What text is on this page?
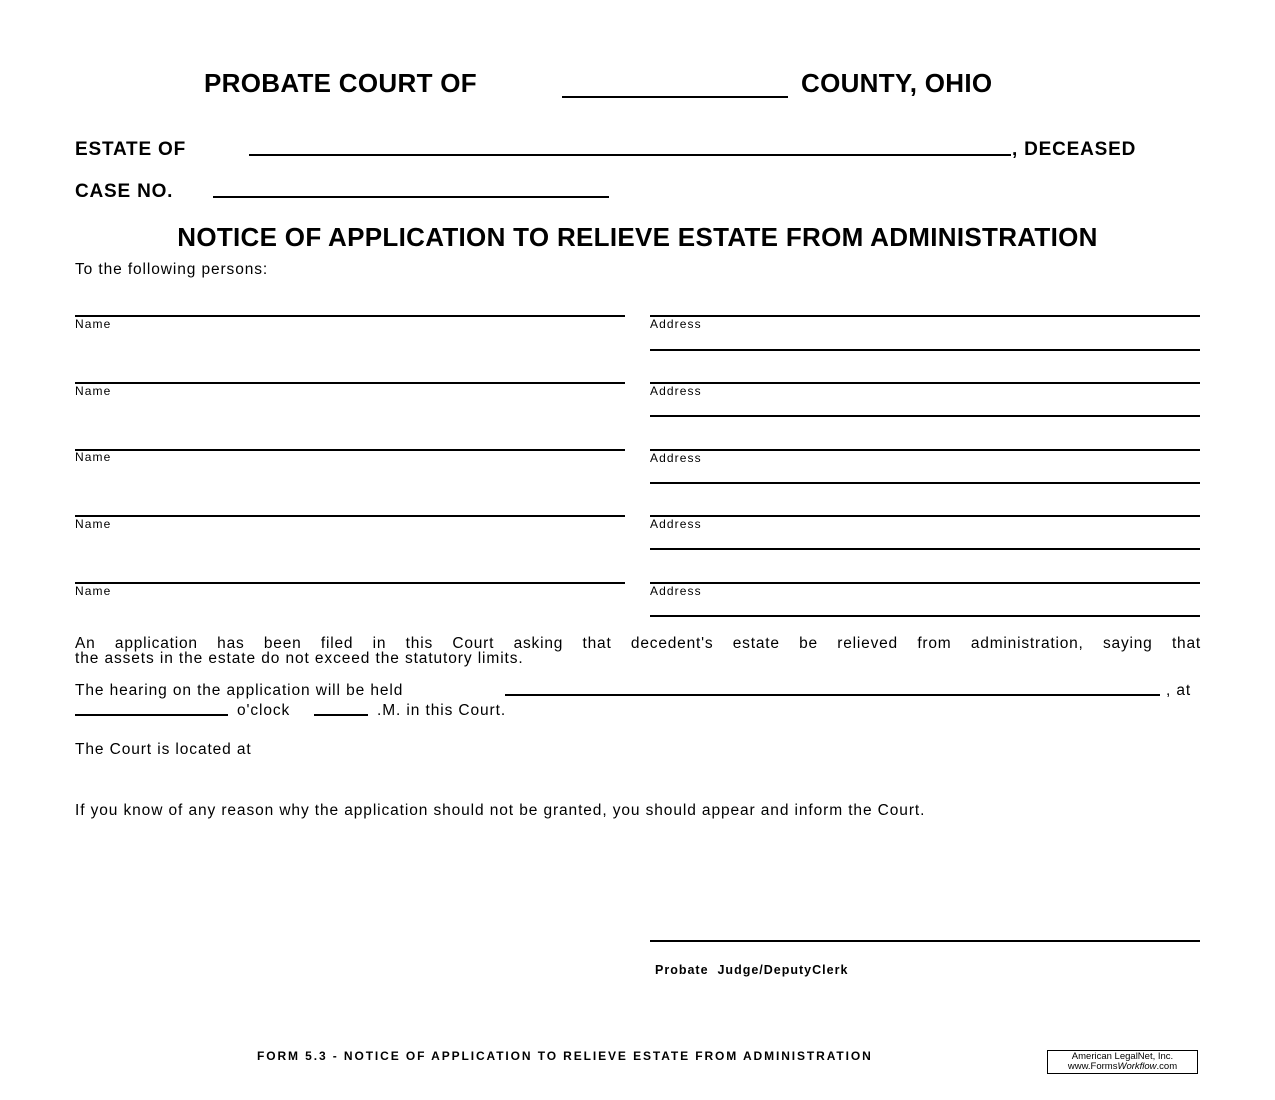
PROBATE COURT OF	COUNTY, OHIO
ESTATE OF	, DECEASED
CASE NO.
NOTICE OF APPLICATION TO RELIEVE ESTATE FROM ADMINISTRATION
To the following persons:
Name	Address
Name	Address
Name	Address
Name	Address
Name	Address
An application has been filed in this Court asking that decedent's estate be relieved from administration, saying that
the assets in the estate do not exceed the statutory limits.
The hearing on the application will be held	, at
o'clock	.M. in this Court.
The Court is located at
If you know of any reason why the application should not be granted, you should appear and inform the Court.
Probate  Judge/DeputyClerk
FORM 5.3 - NOTICE OF APPLICATION TO RELIEVE ESTATE FROM ADMINISTRATION	American LegalNet, Inc.
www.FormsWorkflow.com
